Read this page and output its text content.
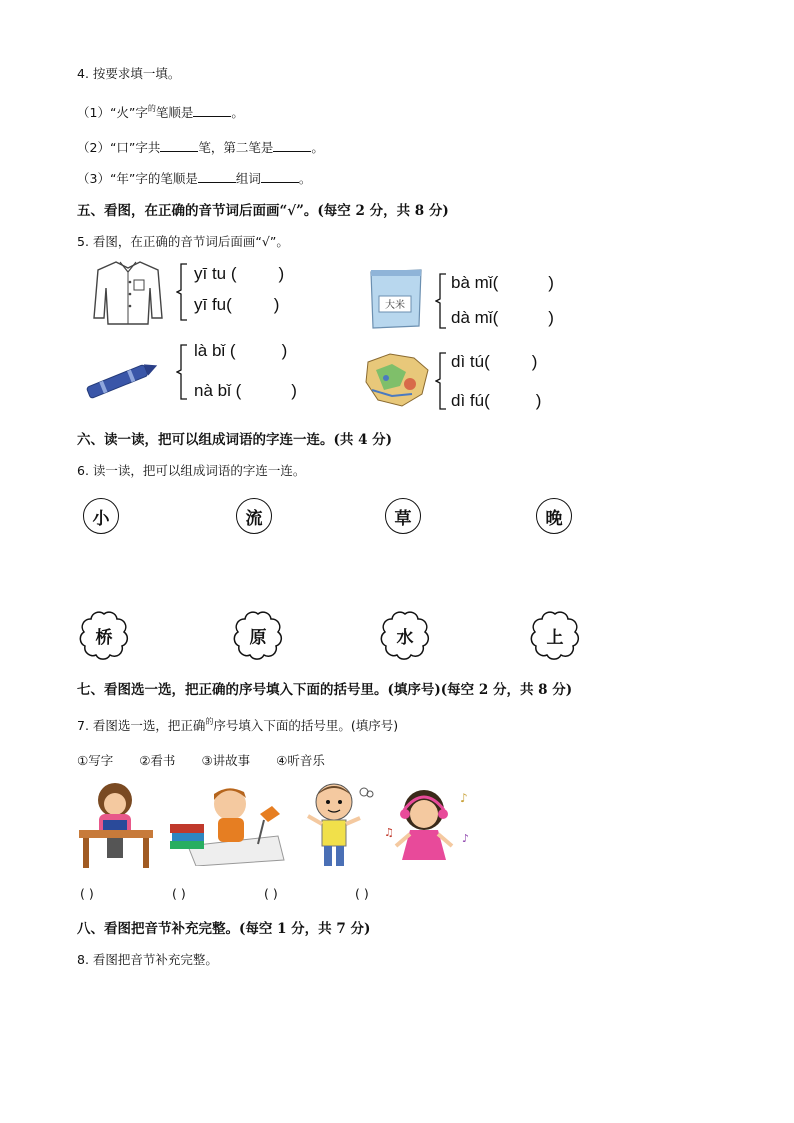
4. 按要求填一填。
（1）“火”字$^的$笔顺是	。
（2）“口”字共	笔，第二笔是	。
（3）“年”字的笔顺是	组词	。
五、看图，在正确的音节词后面画“√”。(每空 2 分，共 8 分)
5. 看图，在正确的音节词后面画“√”。
yī tu ( )
yī fu( )	大米
bà mǐ(	)
dà mǐ(	)
là bǐ (	)
nà bǐ (	)
dì tú( )
dì fú(	)
六、读一读，把可以组成词语的字连一连。(共 4 分)
6. 读一读，把可以组成词语的字连一连。
小	流	草	晚
桥	原	水	上
七、看图选一选，把正确的序号填入下面的括号里。(填序号)(每空 2 分，共 8 分)
7. 看图选一选，把正确$^的$序号填入下面的括号里。(填序号)
①写字 ②看书 ③讲故事 ④听音乐
♪
♫	♪
( )	( )	( )	( )
八、看图把音节补充完整。(每空 1 分，共 7 分)
8. 看图把音节补充完整。
